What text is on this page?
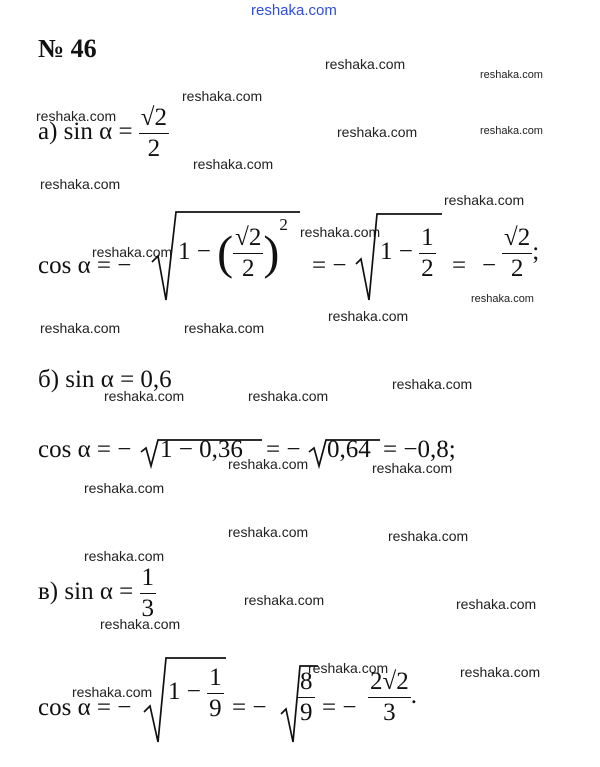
reshaka.com
reshaka.com
reshaka.com
reshaka.com
reshaka.com
reshaka.com	reshaka.com
reshaka.com
reshaka.com
reshaka.com
reshaka.com
reshaka.com
reshaka.com
reshaka.com
reshaka.com	reshaka.com
reshaka.com
reshaka.com	reshaka.com
reshaka.com	reshaka.com
reshaka.com
reshaka.com	reshaka.com
reshaka.com
reshaka.com	reshaka.com
reshaka.com
reshaka.com	reshaka.com
reshaka.com
№ 46
а) $\sin \alpha = \frac{√2}{2}$
cos α = −
1 − ( $\frac{√2}{2} )^2$
= −
$1 - \frac{1}{2}$ = − $\frac{√2}{2}$ ;
б) sin α = 0,6
cos α = − 1 − 0,36 = − 0,64 = −0,8;
в) $\sin \alpha = \frac{1}{3}$
cos α = −
$1 - \frac{1}{9}$ = − $\frac{8}{9}$ = − $\frac{2√2}{3}$ .
